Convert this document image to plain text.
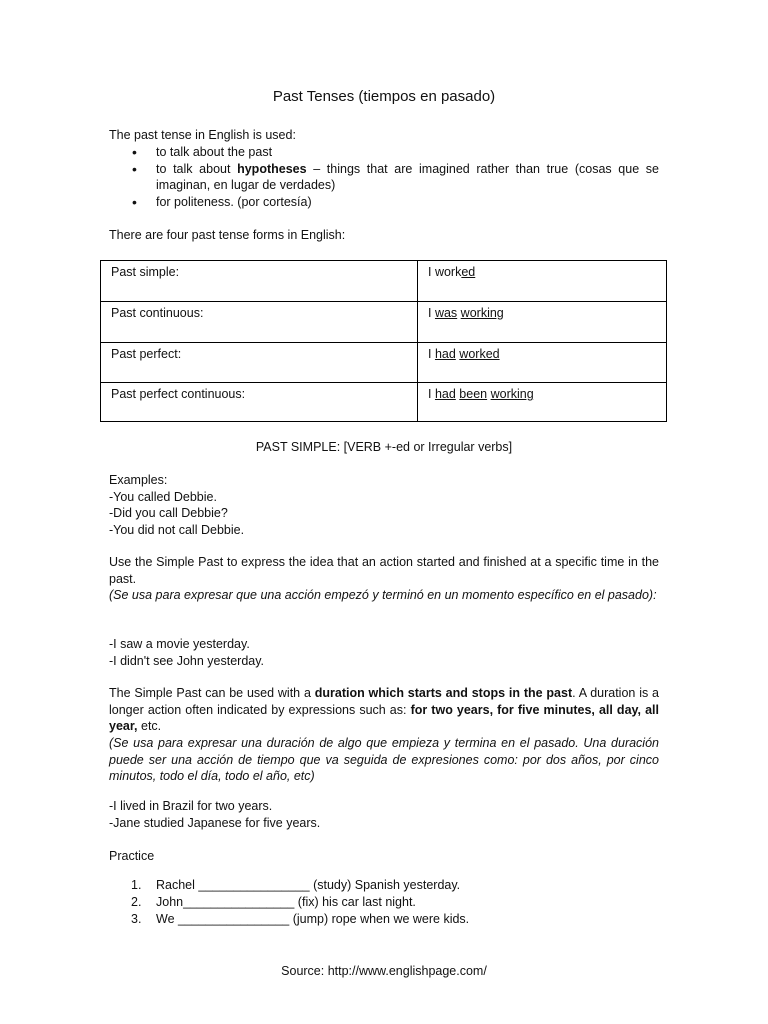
Past Tenses (tiempos en pasado)
The past tense in English is used:
• to talk about the past
• to talk about hypotheses – things that are imagined rather than true (cosas que se imaginan, en lugar de verdades)
• for politeness. (por cortesía)
There are four past tense forms in English:
Past simple:	I worked
Past continuous:	I was working
Past perfect:	I had worked
Past perfect continuous:	I had been working
PAST SIMPLE: [VERB +-ed or Irregular verbs]
Examples:
-You called Debbie.
-Did you call Debbie?
-You did not call Debbie.
Use the Simple Past to express the idea that an action started and finished at a specific time in the past.
(Se usa para expresar que una acción empezó y terminó en un momento específico en el pasado):
-I saw a movie yesterday.
-I didn't see John yesterday.
The Simple Past can be used with a duration which starts and stops in the past. A duration is a longer action often indicated by expressions such as: for two years, for five minutes, all day, all year, etc.
(Se usa para expresar una duración de algo que empieza y termina en el pasado. Una duración puede ser una acción de tiempo que va seguida de expresiones como: por dos años, por cinco minutos, todo el día, todo el año, etc)
-I lived in Brazil for two years.
-Jane studied Japanese for five years.
Practice
1. Rachel ________________ (study) Spanish yesterday.
2. John________________ (fix) his car last night.
3. We ________________ (jump) rope when we were kids.
Source: http://www.englishpage.com/
